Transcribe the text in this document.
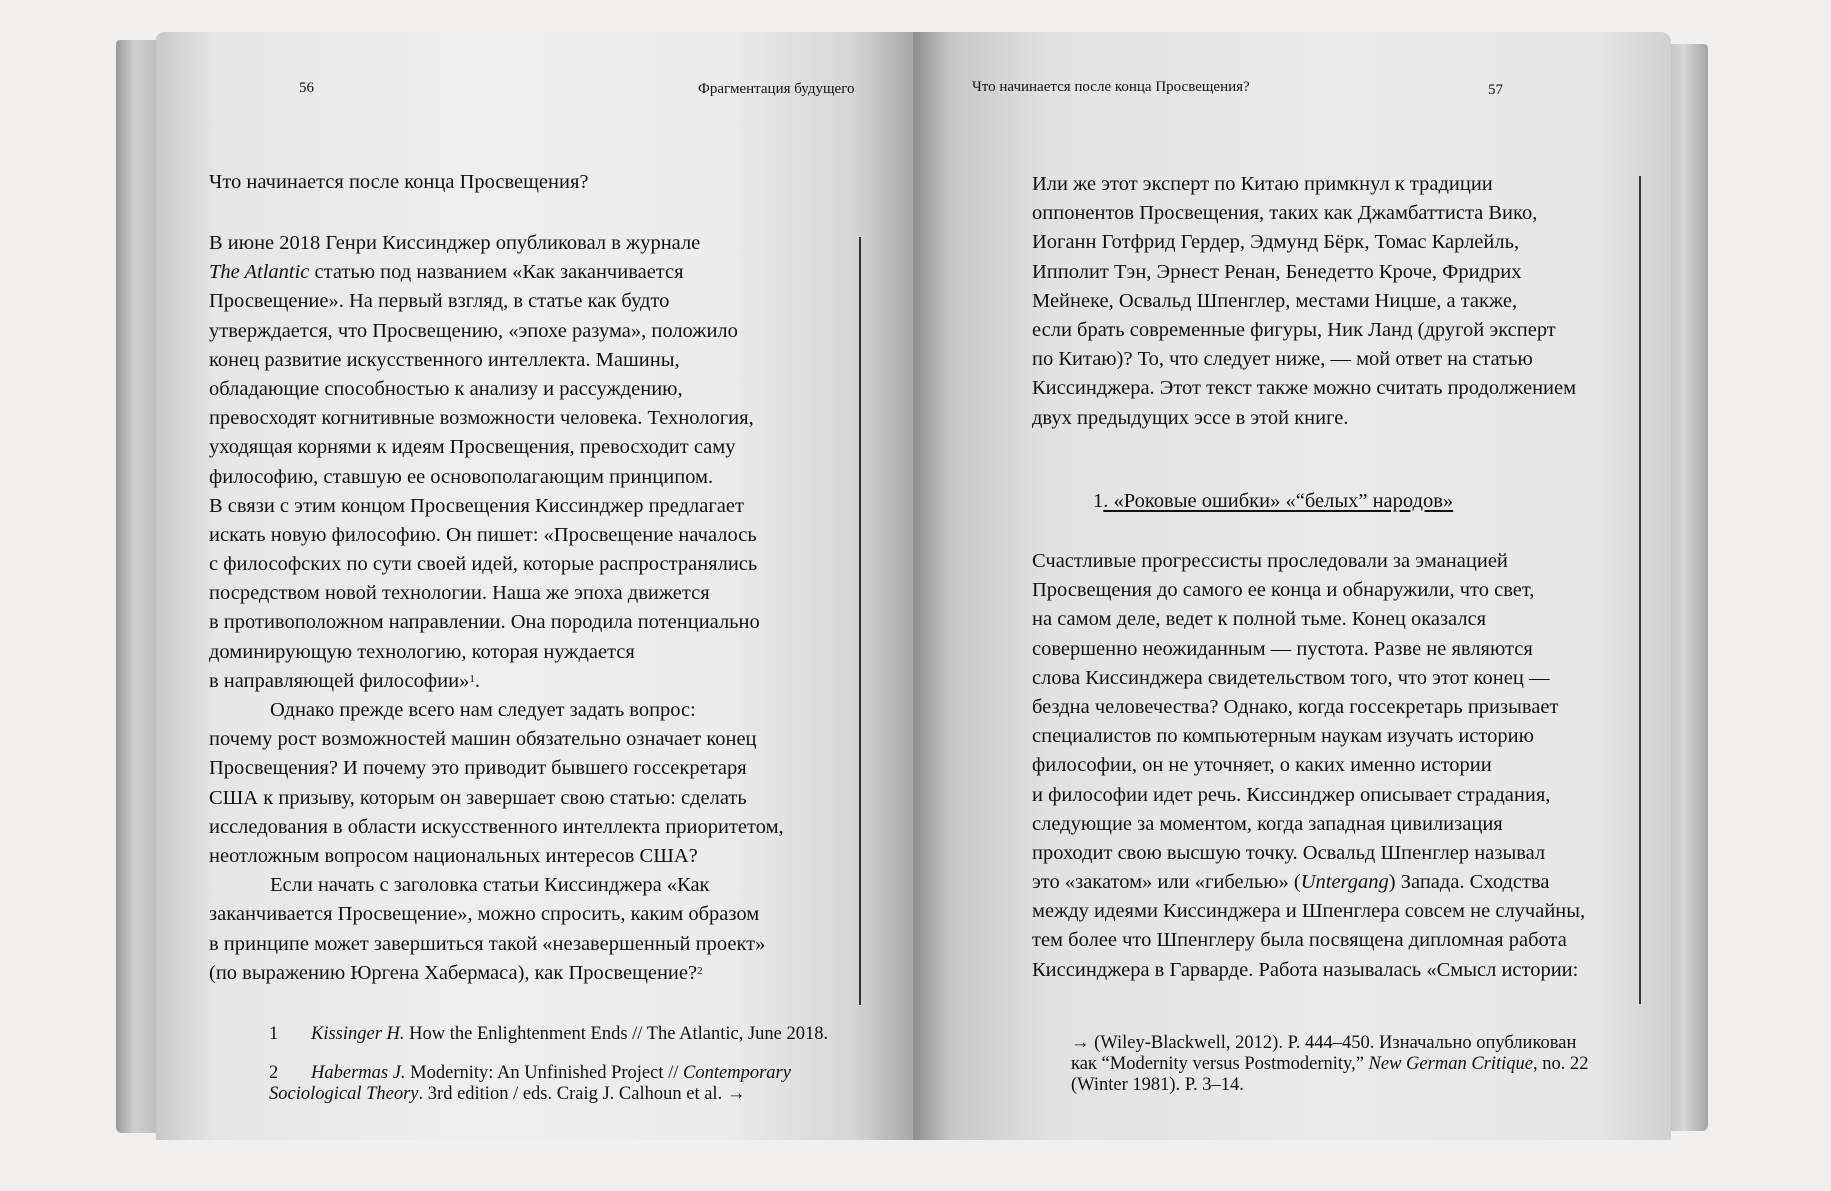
56	Фрагментация будущего
Что начинается после конца Просвещения?
В июне 2018 Генри Киссинджер опубликовал в журнале
The Atlantic статью под названием «Как заканчивается
Просвещение». На первый взгляд, в статье как будто
утверждается, что Просвещению, «эпохе разума», положило
конец развитие искусственного интеллекта. Машины,
обладающие способностью к анализу и рассуждению,
превосходят когнитивные возможности человека. Технология,
уходящая корнями к идеям Просвещения, превосходит саму
философию, ставшую ее основополагающим принципом.
В связи с этим концом Просвещения Киссинджер предлагает
искать новую философию. Он пишет: «Просвещение началось
с философских по сути своей идей, которые распространялись
посредством новой технологии. Наша же эпоха движется
в противоположном направлении. Она породила потенциально
доминирующую технологию, которая нуждается
в направляющей философии»$^1$.
Однако прежде всего нам следует задать вопрос:
почему рост возможностей машин обязательно означает конец
Просвещения? И почему это приводит бывшего госсекретаря
США к призыву, которым он завершает свою статью: сделать
исследования в области искусственного интеллекта приоритетом,
неотложным вопросом национальных интересов США?
Если начать с заголовка статьи Киссинджера «Как
заканчивается Просвещение», можно спросить, каким образом
в принципе может завершиться такой «незавершенный проект»
(по выражению Юргена Хабермаса), как Просвещение?$^2$
1 Kissinger H. How the Enlightenment Ends // The Atlantic, June 2018.
2 Habermas J. Modernity: An Unfinished Project // Contemporary
Sociological Theory. 3rd edition / eds. Craig J. Calhoun et al. →
Что начинается после конца Просвещения?	57
Или же этот эксперт по Китаю примкнул к традиции
оппонентов Просвещения, таких как Джамбаттиста Вико,
Иоганн Готфрид Гердер, Эдмунд Бёрк, Томас Карлейль,
Ипполит Тэн, Эрнест Ренан, Бенедетто Кроче, Фридрих
Мейнеке, Освальд Шпенглер, местами Ницше, а также,
если брать современные фигуры, Ник Ланд (другой эксперт
по Китаю)? То, что следует ниже, — мой ответ на статью
Киссинджера. Этот текст также можно считать продолжением
двух предыдущих эссе в этой книге.
1. «Роковые ошибки» «“белых” народов»
Счастливые прогрессисты проследовали за эманацией
Просвещения до самого ее конца и обнаружили, что свет,
на самом деле, ведет к полной тьме. Конец оказался
совершенно неожиданным — пустота. Разве не являются
слова Киссинджера свидетельством того, что этот конец —
бездна человечества? Однако, когда госсекретарь призывает
специалистов по компьютерным наукам изучать историю
философии, он не уточняет, о каких именно истории
и философии идет речь. Киссинджер описывает страдания,
следующие за моментом, когда западная цивилизация
проходит свою высшую точку. Освальд Шпенглер называл
это «закатом» или «гибелью» (Untergang) Запада. Сходства
между идеями Киссинджера и Шпенглера совсем не случайны,
тем более что Шпенглеру была посвящена дипломная работа
Киссинджера в Гарварде. Работа называлась «Смысл истории:
→ (Wiley-Blackwell, 2012). P. 444–450. Изначально опубликован
как “Modernity versus Postmodernity,” New German Critique, no. 22
(Winter 1981). P. 3–14.
